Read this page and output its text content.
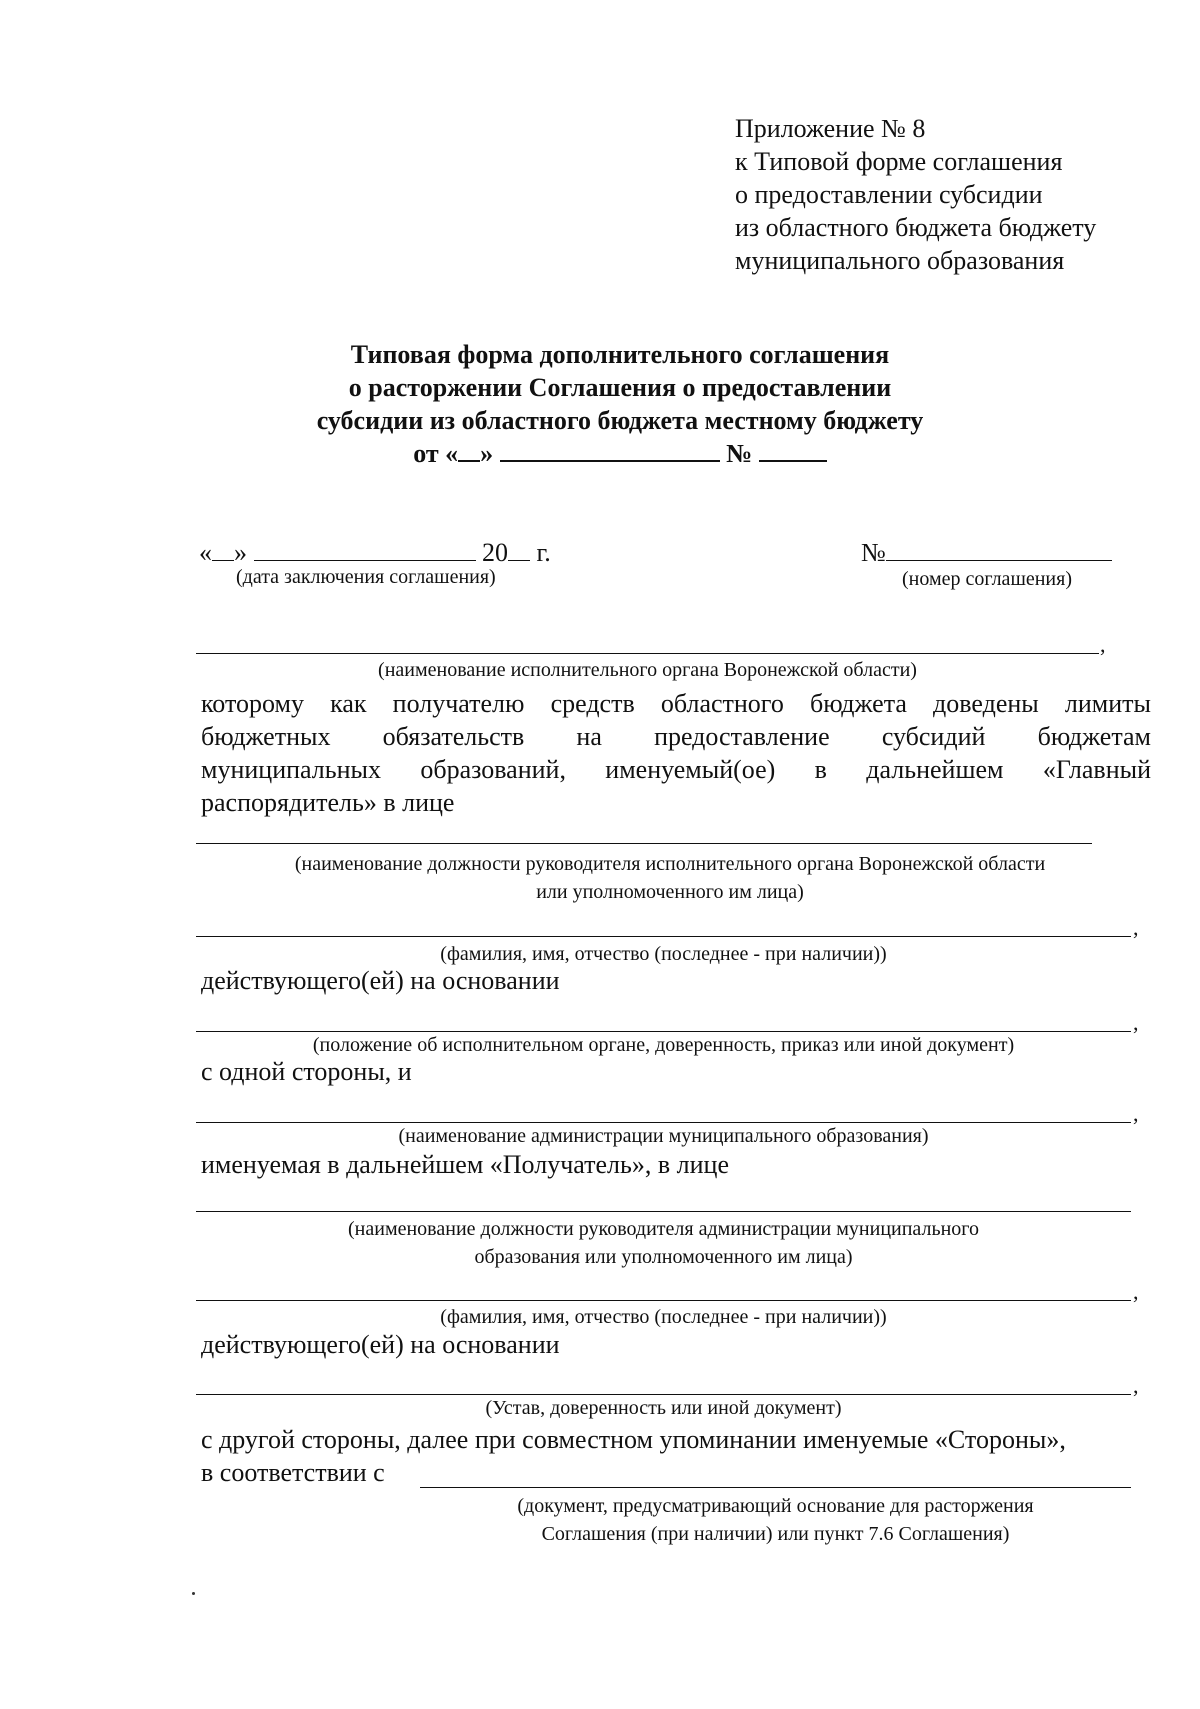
Приложение № 8
к Типовой форме соглашения
о предоставлении субсидии
из областного бюджета бюджету
муниципального образования
Типовая форма дополнительного соглашения
о расторжении Соглашения о предоставлении
субсидии из областного бюджета местному бюджету
от « »	№
« »	20 г.
(дата заключения соглашения)
№
(номер соглашения)
,
(наименование исполнительного органа Воронежской области)
которому как получателю средств областного бюджета доведены лимиты
бюджетных обязательств на предоставление субсидий бюджетам
муниципальных образований, именуемый(ое) в дальнейшем «Главный
распорядитель» в лице
(наименование должности руководителя исполнительного органа Воронежской области
или уполномоченного им лица)
,
(фамилия, имя, отчество (последнее - при наличии))
действующего(ей) на основании
,
(положение об исполнительном органе, доверенность, приказ или иной документ)
с одной стороны, и
,
(наименование администрации муниципального образования)
именуемая в дальнейшем «Получатель», в лице
(наименование должности руководителя администрации муниципального
образования или уполномоченного им лица)
,
(фамилия, имя, отчество (последнее - при наличии))
действующего(ей) на основании
,
(Устав, доверенность или иной документ)
с другой стороны, далее при совместном упоминании именуемые «Стороны»,
в соответствии с
(документ, предусматривающий основание для расторжения
Соглашения (при наличии) или пункт 7.6 Соглашения)
